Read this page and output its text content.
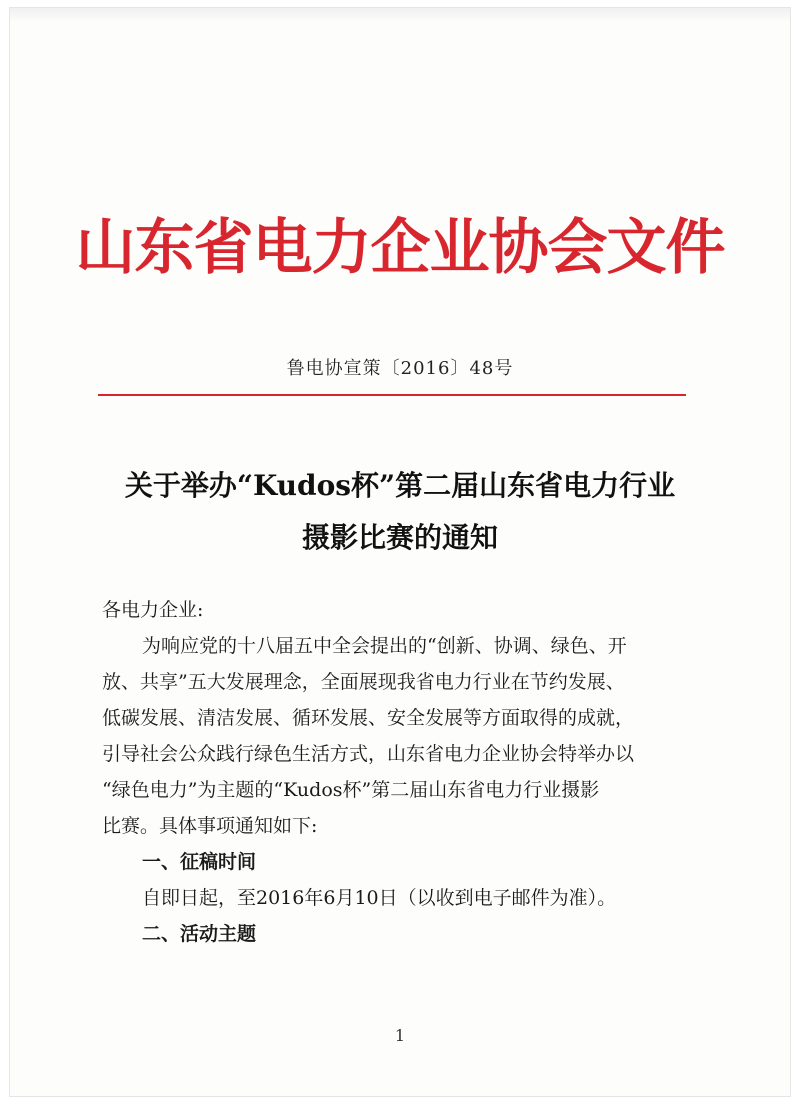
山东省电力企业协会文件
鲁电协宣策〔2016〕48号
关于举办“Kudos杯”第二届山东省电力行业
摄影比赛的通知

各电力企业:

为响应党的十八届五中全会提出的“创新、协调、绿色、开

放、共享”五大发展理念，全面展现我省电力行业在节约发展、

低碳发展、清洁发展、循环发展、安全发展等方面取得的成就，

引导社会公众践行绿色生活方式，山东省电力企业协会特举办以

“绿色电力”为主题的“Kudos杯”第二届山东省电力行业摄影

比赛。具体事项通知如下:

一、征稿时间

自即日起，至2016年6月10日（以收到电子邮件为准）。

二、活动主题

1
